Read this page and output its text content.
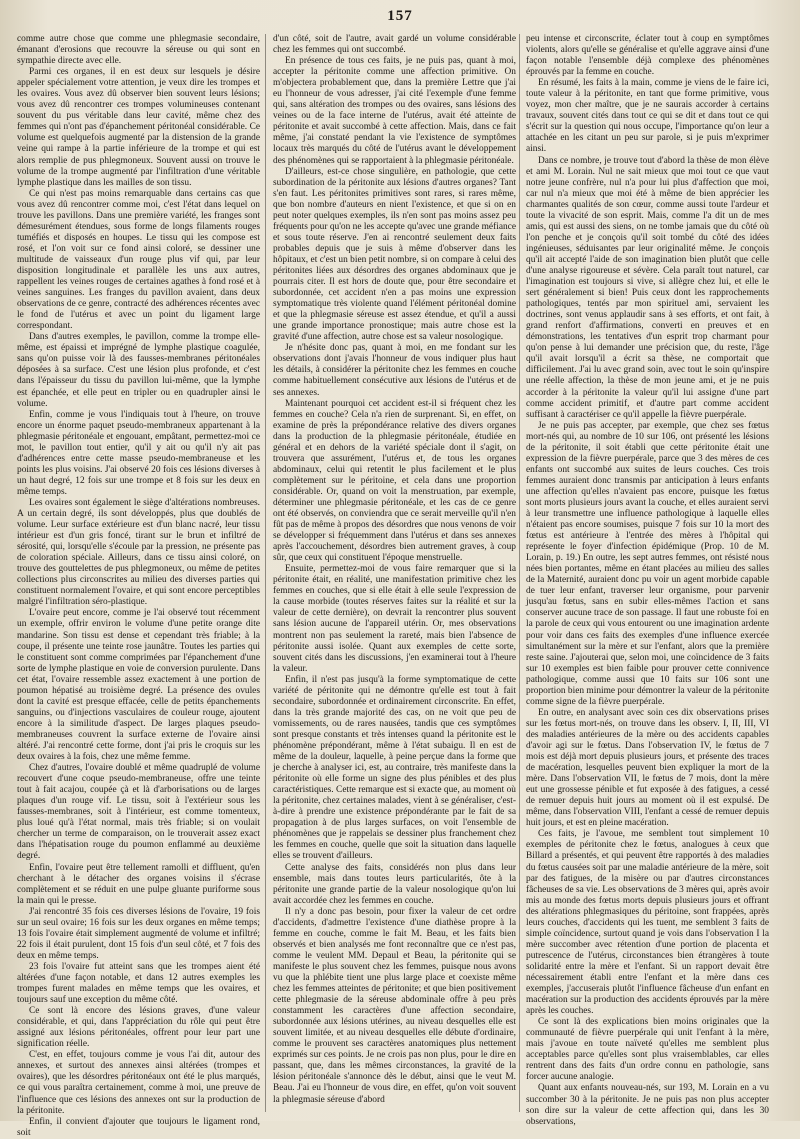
157

comme autre chose que comme une phlegmasie secondaire, émanant d'erosions que recouvre la séreuse ou qui sont en sympathie directe avec elle.

Parmi ces organes, il en est deux sur lesquels je désire appeler spécialement votre attention, je veux dire les trompes et les ovaires. Vous avez dû observer bien souvent leurs lésions; vous avez dû rencontrer ces trompes volumineuses contenant souvent du pus véritable dans leur cavité, même chez des femmes qui n'ont pas d'épanchement péritonéal considérable. Ce volume est quelquefois augmenté par la distension de la grande veine qui rampe à la partie inférieure de la trompe et qui est alors remplie de pus phlegmoneux. Souvent aussi on trouve le volume de la trompe augmenté par l'infiltration d'une véritable lymphe plastique dans les mailles de son tissu.

Ce qui n'est pas moins remarquable dans certains cas que vous avez dû rencontrer comme moi, c'est l'état dans lequel on trouve les pavillons. Dans une première variété, les franges sont démesurément étendues, sous forme de longs filaments rouges tuméfiés et disposés en houpes. Le tissu qui les compose est rosé, et l'on voit sur ce fond ainsi coloré, se dessiner une multitude de vaisseaux d'un rouge plus vif qui, par leur disposition longitudinale et parallèle les uns aux autres, rappellent les veines rouges de certaines agathes à fond rosé et à veines sanguines. Les franges du pavillon avaient, dans deux observations de ce genre, contracté des adhérences récentes avec le fond de l'utérus et avec un point du ligament large correspondant.

Dans d'autres exemples, le pavillon, comme la trompe elle-même, est épaissi et imprégné de lymphe plastique coagulée, sans qu'on puisse voir là des fausses-membranes péritonéales déposées à sa surface. C'est une lésion plus profonde, et c'est dans l'épaisseur du tissu du pavillon lui-même, que la lymphe est épanchée, et elle peut en tripler ou en quadrupler ainsi le volume.

Enfin, comme je vous l'indiquais tout à l'heure, on trouve encore un énorme paquet pseudo-membraneux appartenant à la phlegmasie péritonéale et engouant, empâtant, permettez-moi ce mot, le pavillon tout entier, qu'il y ait ou qu'il n'y ait pas d'adhérences entre cette masse pseudo-membraneuse et les points les plus voisins. J'ai observé 20 fois ces lésions diverses à un haut degré, 12 fois sur une trompe et 8 fois sur les deux en même temps.

Les ovaires sont également le siège d'altérations nombreuses. A un certain degré, ils sont développés, plus que doublés de volume. Leur surface extérieure est d'un blanc nacré, leur tissu intérieur est d'un gris foncé, tirant sur le brun et infiltré de sérosité, qui, lorsqu'elle s'écoule par la pression, ne présente pas de coloration spéciale. Ailleurs, dans ce tissu ainsi coloré, on trouve des gouttelettes de pus phlegmoneux, ou même de petites collections plus circonscrites au milieu des diverses parties qui constituent normalement l'ovaire, et qui sont encore perceptibles malgré l'infiltration séro-plastique.

L'ovaire peut encore, comme je l'ai observé tout récemment un exemple, offrir environ le volume d'une petite orange dite mandarine. Son tissu est dense et cependant très friable; à la coupe, il présente une teinte rose jaunâtre. Toutes les parties qui le constituent sont comme comprimées par l'épanchement d'une sorte de lymphe plastique en voie de conversion purulente. Dans cet état, l'ovaire ressemble assez exactement à une portion de poumon hépatisé au troisième degré. La présence des ovules dont la cavité est presque effacée, celle de petits épanchements sanguins, ou d'injections vasculaires de couleur rouge, ajoutent encore à la similitude d'aspect. De larges plaques pseudo-membraneuses couvrent la surface externe de l'ovaire ainsi altéré. J'ai rencontré cette forme, dont j'ai pris le croquis sur les deux ovaires à la fois, chez une même femme.

Chez d'autres, l'ovaire doublé et même quadruplé de volume recouvert d'une coque pseudo-membraneuse, offre une teinte tout à fait acajou, coupée çà et là d'arborisations ou de larges plaques d'un rouge vif. Le tissu, soit à l'extérieur sous les fausses-membranes, soit à l'intérieur, est comme tomenteux, plus loué qu'à l'état normal, mais très friable; si on voulait chercher un terme de comparaison, on le trouverait assez exact dans l'hépatisation rouge du poumon enflammé au deuxième degré.

Enfin, l'ovaire peut être tellement ramolli et diffluent, qu'en cherchant à le détacher des organes voisins il s'écrase complètement et se réduit en une pulpe gluante puriforme sous la main qui le presse.

J'ai rencontré 35 fois ces diverses lésions de l'ovaire, 19 fois sur un seul ovaire; 16 fois sur les deux organes en même temps; 13 fois l'ovaire était simplement augmenté de volume et infiltré; 22 fois il était purulent, dont 15 fois d'un seul côté, et 7 fois des deux en même temps.

23 fois l'ovaire fut atteint sans que les trompes aient été altérées d'une façon notable, et dans 12 autres exemples les trompes furent malades en même temps que les ovaires, et toujours sauf une exception du même côté.

Ce sont là encore des lésions graves, d'une valeur considérable, et qui, dans l'appréciation du rôle qui peut être assigné aux lésions péritonéales, offrent pour leur part une signification réelle.

C'est, en effet, toujours comme je vous l'ai dit, autour des annexes, et surtout des annexes ainsi altérées (trompes et ovaires), que les désordres péritonéaux ont été le plus marqués, ce qui vous paraîtra certainement, comme à moi, une preuve de l'influence que ces lésions des annexes ont sur la production de la péritonite.

Enfin, il convient d'ajouter que toujours le ligament rond, soit

d'un côté, soit de l'autre, avait gardé un volume considérable chez les femmes qui ont succombé.

En présence de tous ces faits, je ne puis pas, quant à moi, accepter la péritonite comme une affection primitive. On m'objectera probablement que, dans la première Lettre que j'ai eu l'honneur de vous adresser, j'ai cité l'exemple d'une femme qui, sans altération des trompes ou des ovaires, sans lésions des veines ou de la face interne de l'utérus, avait été atteinte de péritonite et avait succombé à cette affection. Mais, dans ce fait même, j'ai constaté pendant la vie l'existence de symptômes locaux très marqués du côté de l'utérus avant le développement des phénomènes qui se rapportaient à la phlegmasie péritonéale.

D'ailleurs, est-ce chose singulière, en pathologie, que cette subordination de la péritonite aux lésions d'autres organes? Tant s'en faut. Les péritonites primitives sont rares, si rares même, que bon nombre d'auteurs en nient l'existence, et que si on en peut noter quelques exemples, ils n'en sont pas moins assez peu fréquents pour qu'on ne les accepte qu'avec une grande méfiance et sous toute réserve. J'en ai rencontré seulement deux faits probables depuis que je suis à même d'observer dans les hôpitaux, et c'est un bien petit nombre, si on compare à celui des péritonites liées aux désordres des organes abdominaux que je pourrais citer. Il est hors de doute que, pour être secondaire et subordonnée, cet accident n'en a pas moins une expression symptomatique très violente quand l'élément péritonéal domine et que la phlegmasie séreuse est assez étendue, et qu'il a aussi une grande importance pronostique; mais autre chose est la gravité d'une affection, autre chose est sa valeur nosologique.

Je n'hésite donc pas, quant à moi, en me fondant sur les observations dont j'avais l'honneur de vous indiquer plus haut les détails, à considérer la péritonite chez les femmes en couche comme habituellement consécutive aux lésions de l'utérus et de ses annexes.

Maintenant pourquoi cet accident est-il si fréquent chez les femmes en couche? Cela n'a rien de surprenant. Si, en effet, on examine de près la prépondérance relative des divers organes dans la production de la phlegmasie péritonéale, étudiée en général et en dehors de la variété spéciale dont il s'agit, on trouvera que assurément, l'utérus et, de tous les organes abdominaux, celui qui retentit le plus facilement et le plus complètement sur le péritoine, et cela dans une proportion considérable. Or, quand on voit la menstruation, par exemple, déterminer une phlegmasie péritonéale, et les cas de ce genre ont été observés, on conviendra que ce serait merveille qu'il n'en fût pas de même à propos des désordres que nous venons de voir se développer si fréquemment dans l'utérus et dans ses annexes après l'accouchement, désordres bien autrement graves, à coup sûr, que ceux qui constituent l'époque menstruelle.

Ensuite, permettez-moi de vous faire remarquer que si la péritonite était, en réalité, une manifestation primitive chez les femmes en couches, que si elle était à elle seule l'expression de la cause morbide (toutes réserves faites sur la réalité et sur la valeur de cette dernière), on devrait la rencontrer plus souvent sans lésion aucune de l'appareil utérin. Or, mes observations montrent non pas seulement la rareté, mais bien l'absence de péritonite aussi isolée. Quant aux exemples de cette sorte, souvent cités dans les discussions, j'en examinerai tout à l'heure la valeur.

Enfin, il n'est pas jusqu'à la forme symptomatique de cette variété de péritonite qui ne démontre qu'elle est tout à fait secondaire, subordonnée et ordinairement circonscrite. En effet, dans la très grande majorité des cas, on ne voit que peu de vomissements, ou de rares nausées, tandis que ces symptômes sont presque constants et très intenses quand la péritonite est le phénomène prépondérant, même à l'état subaigu. Il en est de même de la douleur, laquelle, à peine perçue dans la forme que je cherche à analyser ici, est, au contraire, très manifeste dans la péritonite où elle forme un signe des plus pénibles et des plus caractéristiques. Cette remarque est si exacte que, au moment où la péritonite, chez certaines malades, vient à se généraliser, c'est-à-dire à prendre une existence prépondérante par le fait de sa propagation à de plus larges surfaces, on voit l'ensemble de phénomènes que je rappelais se dessiner plus franchement chez les femmes en couche, quelle que soit la situation dans laquelle elles se trouvent d'ailleurs.

Cette analyse des faits, considérés non plus dans leur ensemble, mais dans toutes leurs particularités, ôte à la péritonite une grande partie de la valeur nosologique qu'on lui avait accordée chez les femmes en couche.

Il n'y a donc pas besoin, pour fixer la valeur de cet ordre d'accidents, d'admettre l'existence d'une diathèse propre à la femme en couche, comme le fait M. Beau, et les faits bien observés et bien analysés me font reconnaître que ce n'est pas, comme le veulent MM. Depaul et Beau, la péritonite qui se manifeste le plus souvent chez les femmes, puisque nous avons vu que la phlébite tient une plus large place et coexiste même chez les femmes atteintes de péritonite; et que bien positivement cette phlegmasie de la séreuse abdominale offre à peu près constamment les caractères d'une affection secondaire, subordonnée aux lésions utérines, au niveau desquelles elle est souvent limitée, et au niveau desquelles elle débute d'ordinaire, comme le prouvent ses caractères anatomiques plus nettement exprimés sur ces points. Je ne crois pas non plus, pour le dire en passant, que, dans les mêmes circonstances, la gravité de la lésion péritonéale s'annonce dès le début, ainsi que le veut M. Beau. J'ai eu l'honneur de vous dire, en effet, qu'on voit souvent la phlegmasie séreuse d'abord

peu intense et circonscrite, éclater tout à coup en symptômes violents, alors qu'elle se généralise et qu'elle aggrave ainsi d'une façon notable l'ensemble déjà complexe des phénomènes éprouvés par la femme en couche.

En résumé, les faits à la main, comme je viens de le faire ici, toute valeur à la péritonite, en tant que forme primitive, vous voyez, mon cher maître, que je ne saurais accorder à certains travaux, souvent cités dans tout ce qui se dit et dans tout ce qui s'écrit sur la question qui nous occupe, l'importance qu'on leur a attachée en les citant un peu sur parole, si je puis m'exprimer ainsi.

Dans ce nombre, je trouve tout d'abord la thèse de mon élève et ami M. Lorain. Nul ne sait mieux que moi tout ce que vaut notre jeune confrère, nul n'a pour lui plus d'affection que moi, car nul n'a mieux que moi été à même de bien apprécier les charmantes qualités de son cœur, comme aussi toute l'ardeur et toute la vivacité de son esprit. Mais, comme l'a dit un de mes amis, qui est aussi des siens, on ne tombe jamais que du côté où l'on penche et je conçois qu'il soit tombé du côté des idées ingénieuses, séduisantes par leur originalité même. Je conçois qu'il ait accepté l'aide de son imagination bien plutôt que celle d'une analyse rigoureuse et sévère. Cela paraît tout naturel, car l'imagination est toujours si vive, si allègre chez lui, et elle le sert généralement si bien! Puis ceux dont les rapprochements pathologiques, tentés par mon spirituel ami, servaient les doctrines, sont venus applaudir sans à ses efforts, et ont fait, à grand renfort d'affirmations, converti en preuves et en démonstrations, les tentatives d'un esprit trop charmant pour qu'on pense à lui demander une précision que, du reste, l'âge qu'il avait lorsqu'il a écrit sa thèse, ne comportait que difficilement. J'ai lu avec grand soin, avec tout le soin qu'inspire une réelle affection, la thèse de mon jeune ami, et je ne puis accorder à la péritonite la valeur qu'il lui assigne d'une part comme accident primitif, et d'autre part comme accident suffisant à caractériser ce qu'il appelle la fièvre puerpérale.

Je ne puis pas accepter, par exemple, que chez ses fœtus mort-nés qui, au nombre de 10 sur 106, ont présenté les lésions de la péritonite, il soit établi que cette péritonite était une expression de la fièvre puerpérale, parce que 3 des mères de ces enfants ont succombé aux suites de leurs couches. Ces trois femmes auraient donc transmis par anticipation à leurs enfants une affection qu'elles n'avaient pas encore, puisque les fœtus sont morts plusieurs jours avant la couche, et elles auraient servi à leur transmettre une influence pathologique à laquelle elles n'étaient pas encore soumises, puisque 7 fois sur 10 la mort des fœtus est antérieure à l'entrée des mères à l'hôpital qui représente le foyer d'infection épidémique (Prop. 10 de M. Lorain, p. 19.) En outre, les sept autres femmes, ont résisté nous nées bien portantes, même en étant placées au milieu des salles de la Maternité, auraient donc pu voir un agent morbide capable de tuer leur enfant, traverser leur organisme, pour parvenir jusqu'au fœtus, sans en subir elles-mêmes l'action et sans conserver aucune trace de son passage. Il faut une robuste foi en la parole de ceux qui vous entourent ou une imagination ardente pour voir dans ces faits des exemples d'une influence exercée simultanément sur la mère et sur l'enfant, alors que la première reste saine. J'ajouterai que, selon moi, une coïncidence de 3 faits sur 10 exemples est bien faible pour prouver cette connivence pathologique, comme aussi que 10 faits sur 106 sont une proportion bien minime pour démontrer la valeur de la péritonite comme signe de la fièvre puerpérale.

En outre, en analysant avec soin ces dix observations prises sur les fœtus mort-nés, on trouve dans les observ. I, II, III, VI des maladies antérieures de la mère ou des accidents capables d'avoir agi sur le fœtus. Dans l'observation IV, le fœtus de 7 mois est déjà mort depuis plusieurs jours, et présente des traces de macération, lesquelles peuvent bien expliquer la mort de la mère. Dans l'observation VII, le fœtus de 7 mois, dont la mère eut une grossesse pénible et fut exposée à des fatigues, a cessé de remuer depuis huit jours au moment où il est expulsé. De même, dans l'observation VIII, l'enfant a cessé de remuer depuis huit jours, et est en pleine macération.

Ces faits, je l'avoue, me semblent tout simplement 10 exemples de péritonite chez le fœtus, analogues à ceux que Billard a présentés, et qui peuvent être rapportés à des maladies du fœtus causées soit par une maladie antérieure de la mère, soit par des fatigues, de la misère ou par d'autres circonstances fâcheuses de sa vie. Les observations de 3 mères qui, après avoir mis au monde des fœtus morts depuis plusieurs jours et offrant des altérations phlegmasiques du péritoine, sont frappées, après leurs couches, d'accidents qui les tuent, me semblent 3 faits de simple coïncidence, surtout quand je vois dans l'observation I la mère succomber avec rétention d'une portion de placenta et putrescence de l'utérus, circonstances bien étrangères à toute solidarité entre la mère et l'enfant. Si un rapport devait être nécessairement établi entre l'enfant et la mère dans ces exemples, j'accuserais plutôt l'influence fâcheuse d'un enfant en macération sur la production des accidents éprouvés par la mère après les couches.

Ce sont là des explications bien moins originales que la communauté de fièvre puerpérale qui unit l'enfant à la mère, mais j'avoue en toute naïveté qu'elles me semblent plus acceptables parce qu'elles sont plus vraisemblables, car elles rentrent dans des faits d'un ordre connu en pathologie, sans forcer aucune analogie.

Quant aux enfants nouveau-nés, sur 193, M. Lorain en a vu succomber 30 à la péritonite. Je ne puis pas non plus accepter son dire sur la valeur de cette affection qui, dans les 30 observations,
